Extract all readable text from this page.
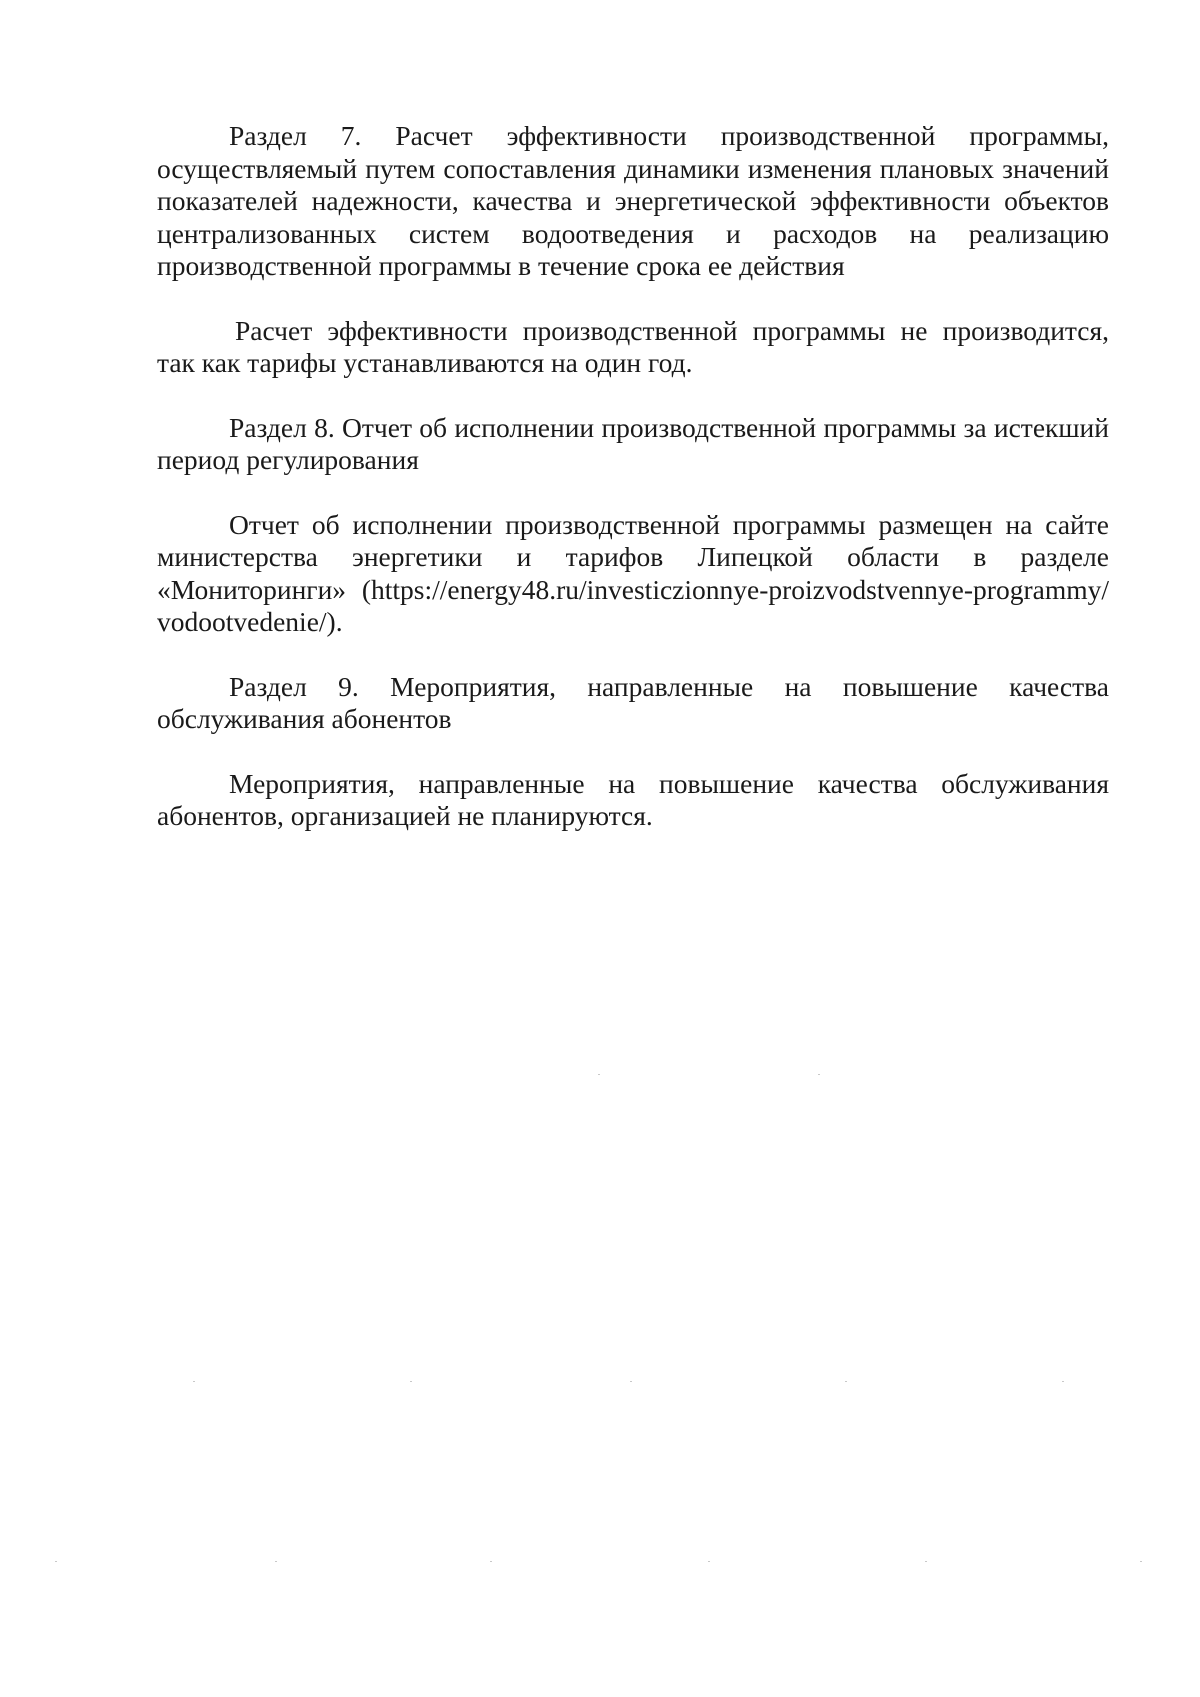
Раздел 7. Расчет эффективности производственной программы, осуществляемый путем сопоставления динамики изменения плановых значений показателей надежности, качества и энергетической эффективности объектов централизованных систем водоотведения и расходов на реализацию производственной программы в течение срока ее действия

Расчет эффективности производственной программы не производится, так как тарифы устанавливаются на один год.

Раздел 8. Отчет об исполнении производственной программы за истекший период регулирования

Отчет об исполнении производственной программы размещен на сайте министерства энергетики и тарифов Липецкой области в разделе «Мониторинги» (https://energy48.ru/investiczionnye-proizvodstvennye-programmy/vodootvedenie/).

Раздел 9. Мероприятия, направленные на повышение качества обслуживания абонентов

Мероприятия, направленные на повышение качества обслуживания абонентов, организацией не планируются.
